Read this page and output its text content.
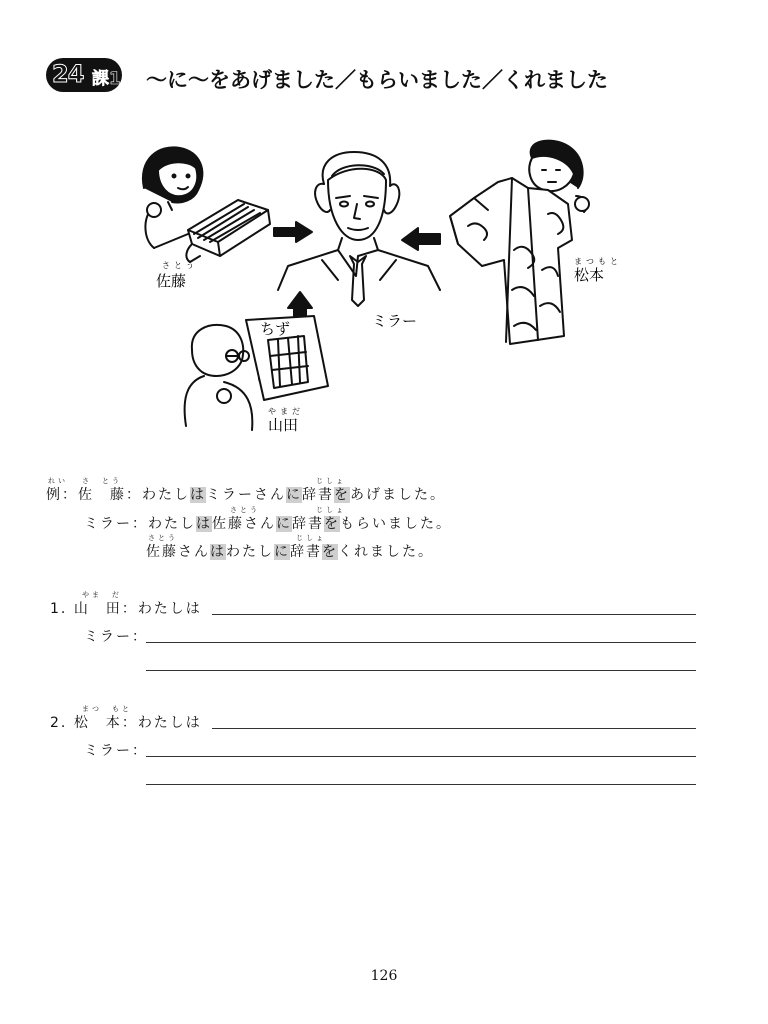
24 課1 〜に〜をあげました／もらいました／くれました
さとう
佐藤
ミラー
まつもと
松本
やまだ
山田
ちず
れい さ　とう	じしょ
例：佐　藤：わたしはミラーさんに辞書をあげました。
さとう	じしょ
ミラー：わたしは佐藤さんに辞書をもらいました。
さとう	じしょ
佐藤さんはわたしに辞書をくれました。
やま　だ
1. 山　田：わたしは
ミラー：
まつ　もと
2. 松　本：わたしは
ミラー：
126
